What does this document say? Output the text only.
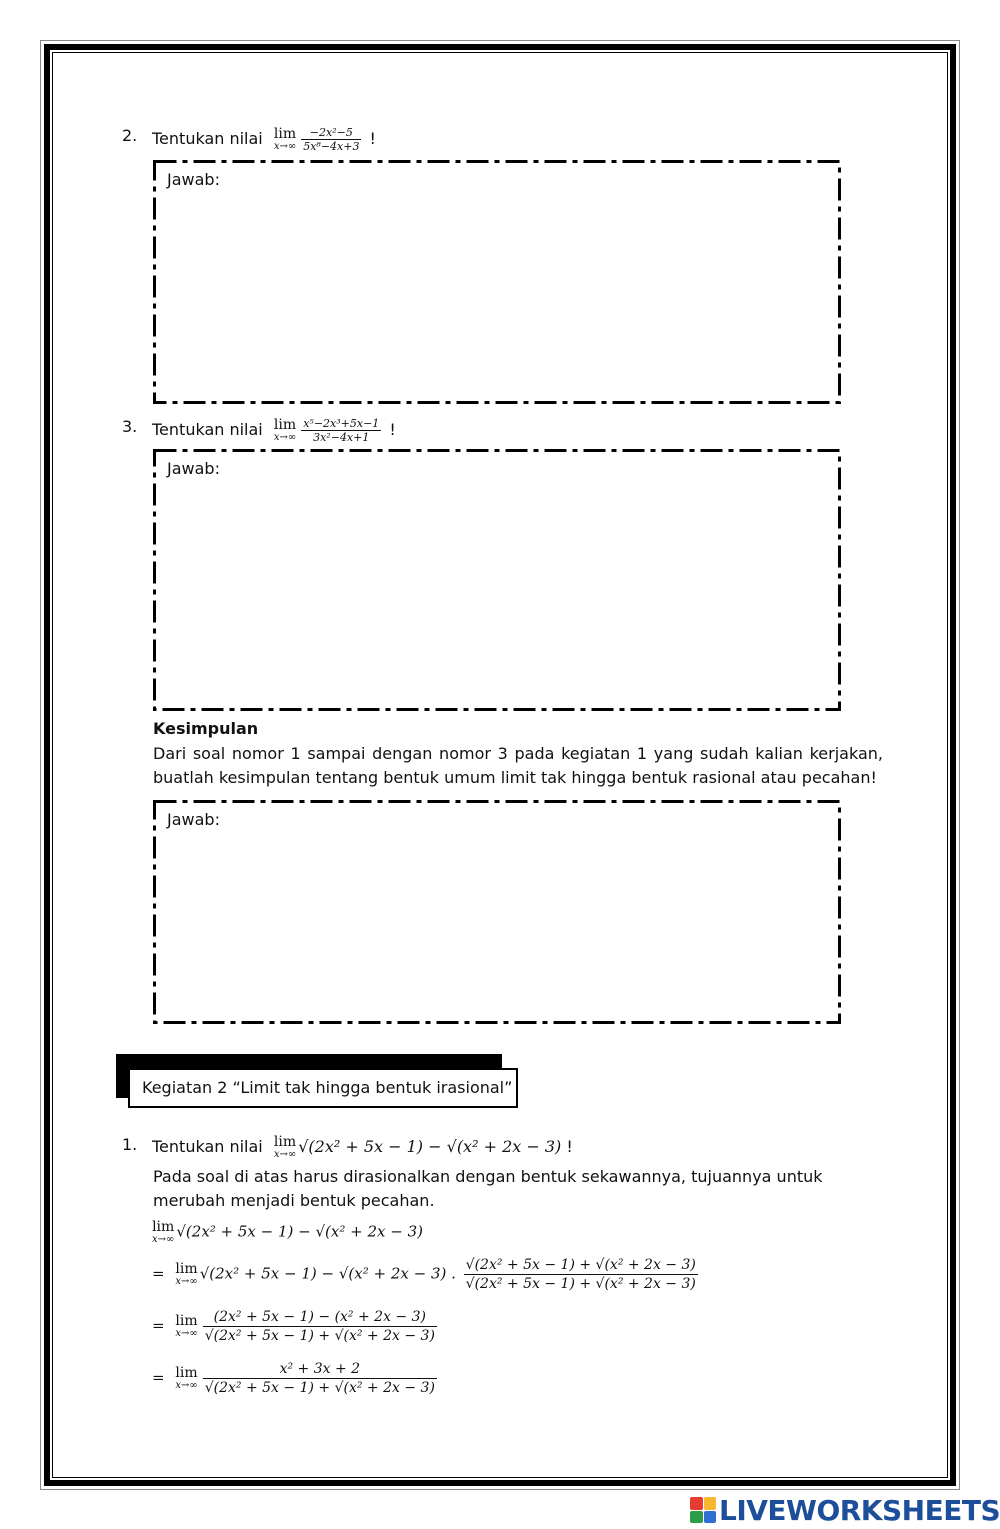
2. Tentukan nilai lim
$x\to\infty \frac{\text{−2x²−5}}{\text{5x⁸−4x+3}}$ !
Jawab:
3. Tentukan nilai lim
$x\to\infty \frac{\text{x⁵−2x³+5x−1}}{\text{3x²−4x+1}}$ !
Jawab:
Kesimpulan
Dari soal nomor 1 sampai dengan nomor 3 pada kegiatan 1 yang sudah kalian kerjakan, buatlah kesimpulan tentang bentuk umum limit tak hingga bentuk rasional atau pecahan!
Jawab:
Kegiatan 2 “Limit tak hingga bentuk irasional”
1. Tentukan nilai lim
x→∞ √(2x² + 5x − 1) − √(x² + 2x − 3) !
Pada soal di atas harus dirasionalkan dengan bentuk sekawannya, tujuannya untuk merubah menjadi bentuk pecahan.
lim
x→∞ √(2x² + 5x − 1) − √(x² + 2x − 3)
= lim
x→∞ √(2x² + 5x − 1) − √(x² + 2x − 3) . $\frac{\text{√(2x² + 5x − 1) + √(x² + 2x − 3)}}{\text{√(2x² + 5x − 1) + √(x² + 2x − 3)}}$
= lim
$x\to\infty \frac{\text{(2x² + 5x − 1) − (x² + 2x − 3)}}{\text{√(2x² + 5x − 1) + √(x² + 2x − 3)}}$
= lim
$x\to\infty \frac{\text{x² + 3x + 2}}{\text{√(2x² + 5x − 1) + √(x² + 2x − 3)}}$
LIVEWORKSHEETS
